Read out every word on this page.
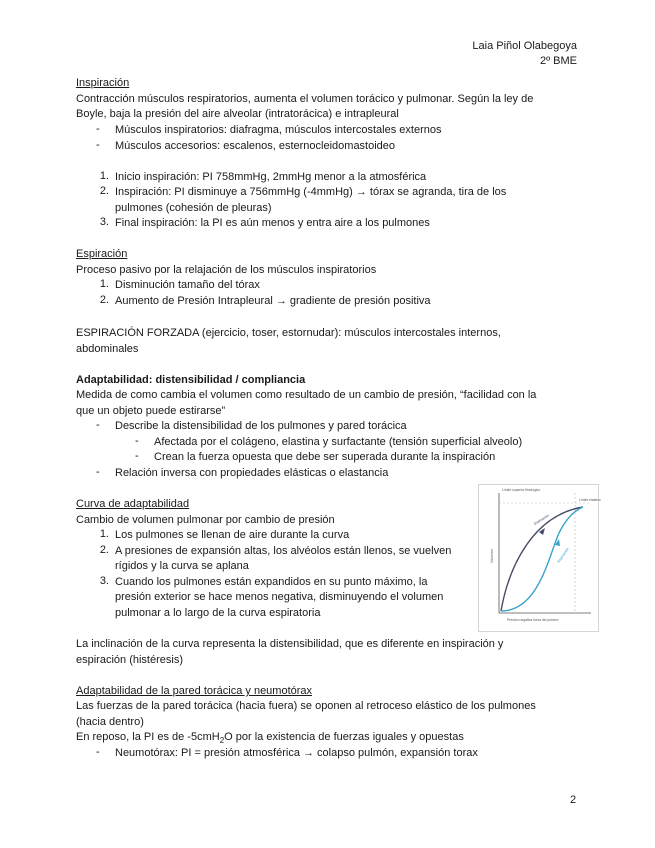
Laia Piñol Olabegoya
2º BME
Inspiración
Contracción músculos respiratorios, aumenta el volumen torácico y pulmonar. Según la ley de
Boyle, baja la presión del aire alveolar (intratorácica) e intrapleural
- Músculos inspiratorios: diafragma, músculos intercostales externos
- Músculos accesorios: escalenos, esternocleidomastoideo
1. Inicio inspiración: PI 758mmHg, 2mmHg menor a la atmosférica
2. Inspiración: PI disminuye a 756mmHg (-4mmHg) → tórax se agranda, tira de los
pulmones (cohesión de pleuras)
3. Final inspiración: la PI es aún menos y entra aire a los pulmones
Espiración
Proceso pasivo por la relajación de los músculos inspiratorios
1. Disminución tamaño del tórax
2. Aumento de Presión Intrapleural → gradiente de presión positiva
ESPIRACIÓN FORZADA (ejercicio, toser, estornudar): músculos intercostales internos,
abdominales
Adaptabilidad: distensibilidad / compliancia
Medida de como cambia el volumen como resultado de un cambio de presión, “facilidad con la
que un objeto puede estirarse”
- Describe la distensibilidad de los pulmones y pared torácica
- Afectada por el colágeno, elastina y surfactante (tensión superficial alveolo)
- Crean la fuerza opuesta que debe ser superada durante la inspiración
- Relación inversa con propiedades elásticas o elastancia
Curva de adaptabilidad
Cambio de volumen pulmonar por cambio de presión
1. Los pulmones se llenan de aire durante la curva
2. A presiones de expansión altas, los alvéolos están llenos, se vuelven
rígidos y la curva se aplana
3. Cuando los pulmones están expandidos en su punto máximo, la
presión exterior se hace menos negativa, disminuyendo el volumen
pulmonar a lo largo de la curva espiratoria
Límite superior fisiológico
Límite elástico
Espiración
Inspiración
Volumen
Presión negativa fuera del pulmón
La inclinación de la curva representa la distensibilidad, que es diferente en inspiración y
espiración (histéresis)
Adaptabilidad de la pared torácica y neumotórax
Las fuerzas de la pared torácica (hacia fuera) se oponen al retroceso elástico de los pulmones
(hacia dentro)
En reposo, la PI es de -5cmH$_2$O por la existencia de fuerzas iguales y opuestas
- Neumotórax: PI = presión atmosférica → colapso pulmón, expansión torax
2
